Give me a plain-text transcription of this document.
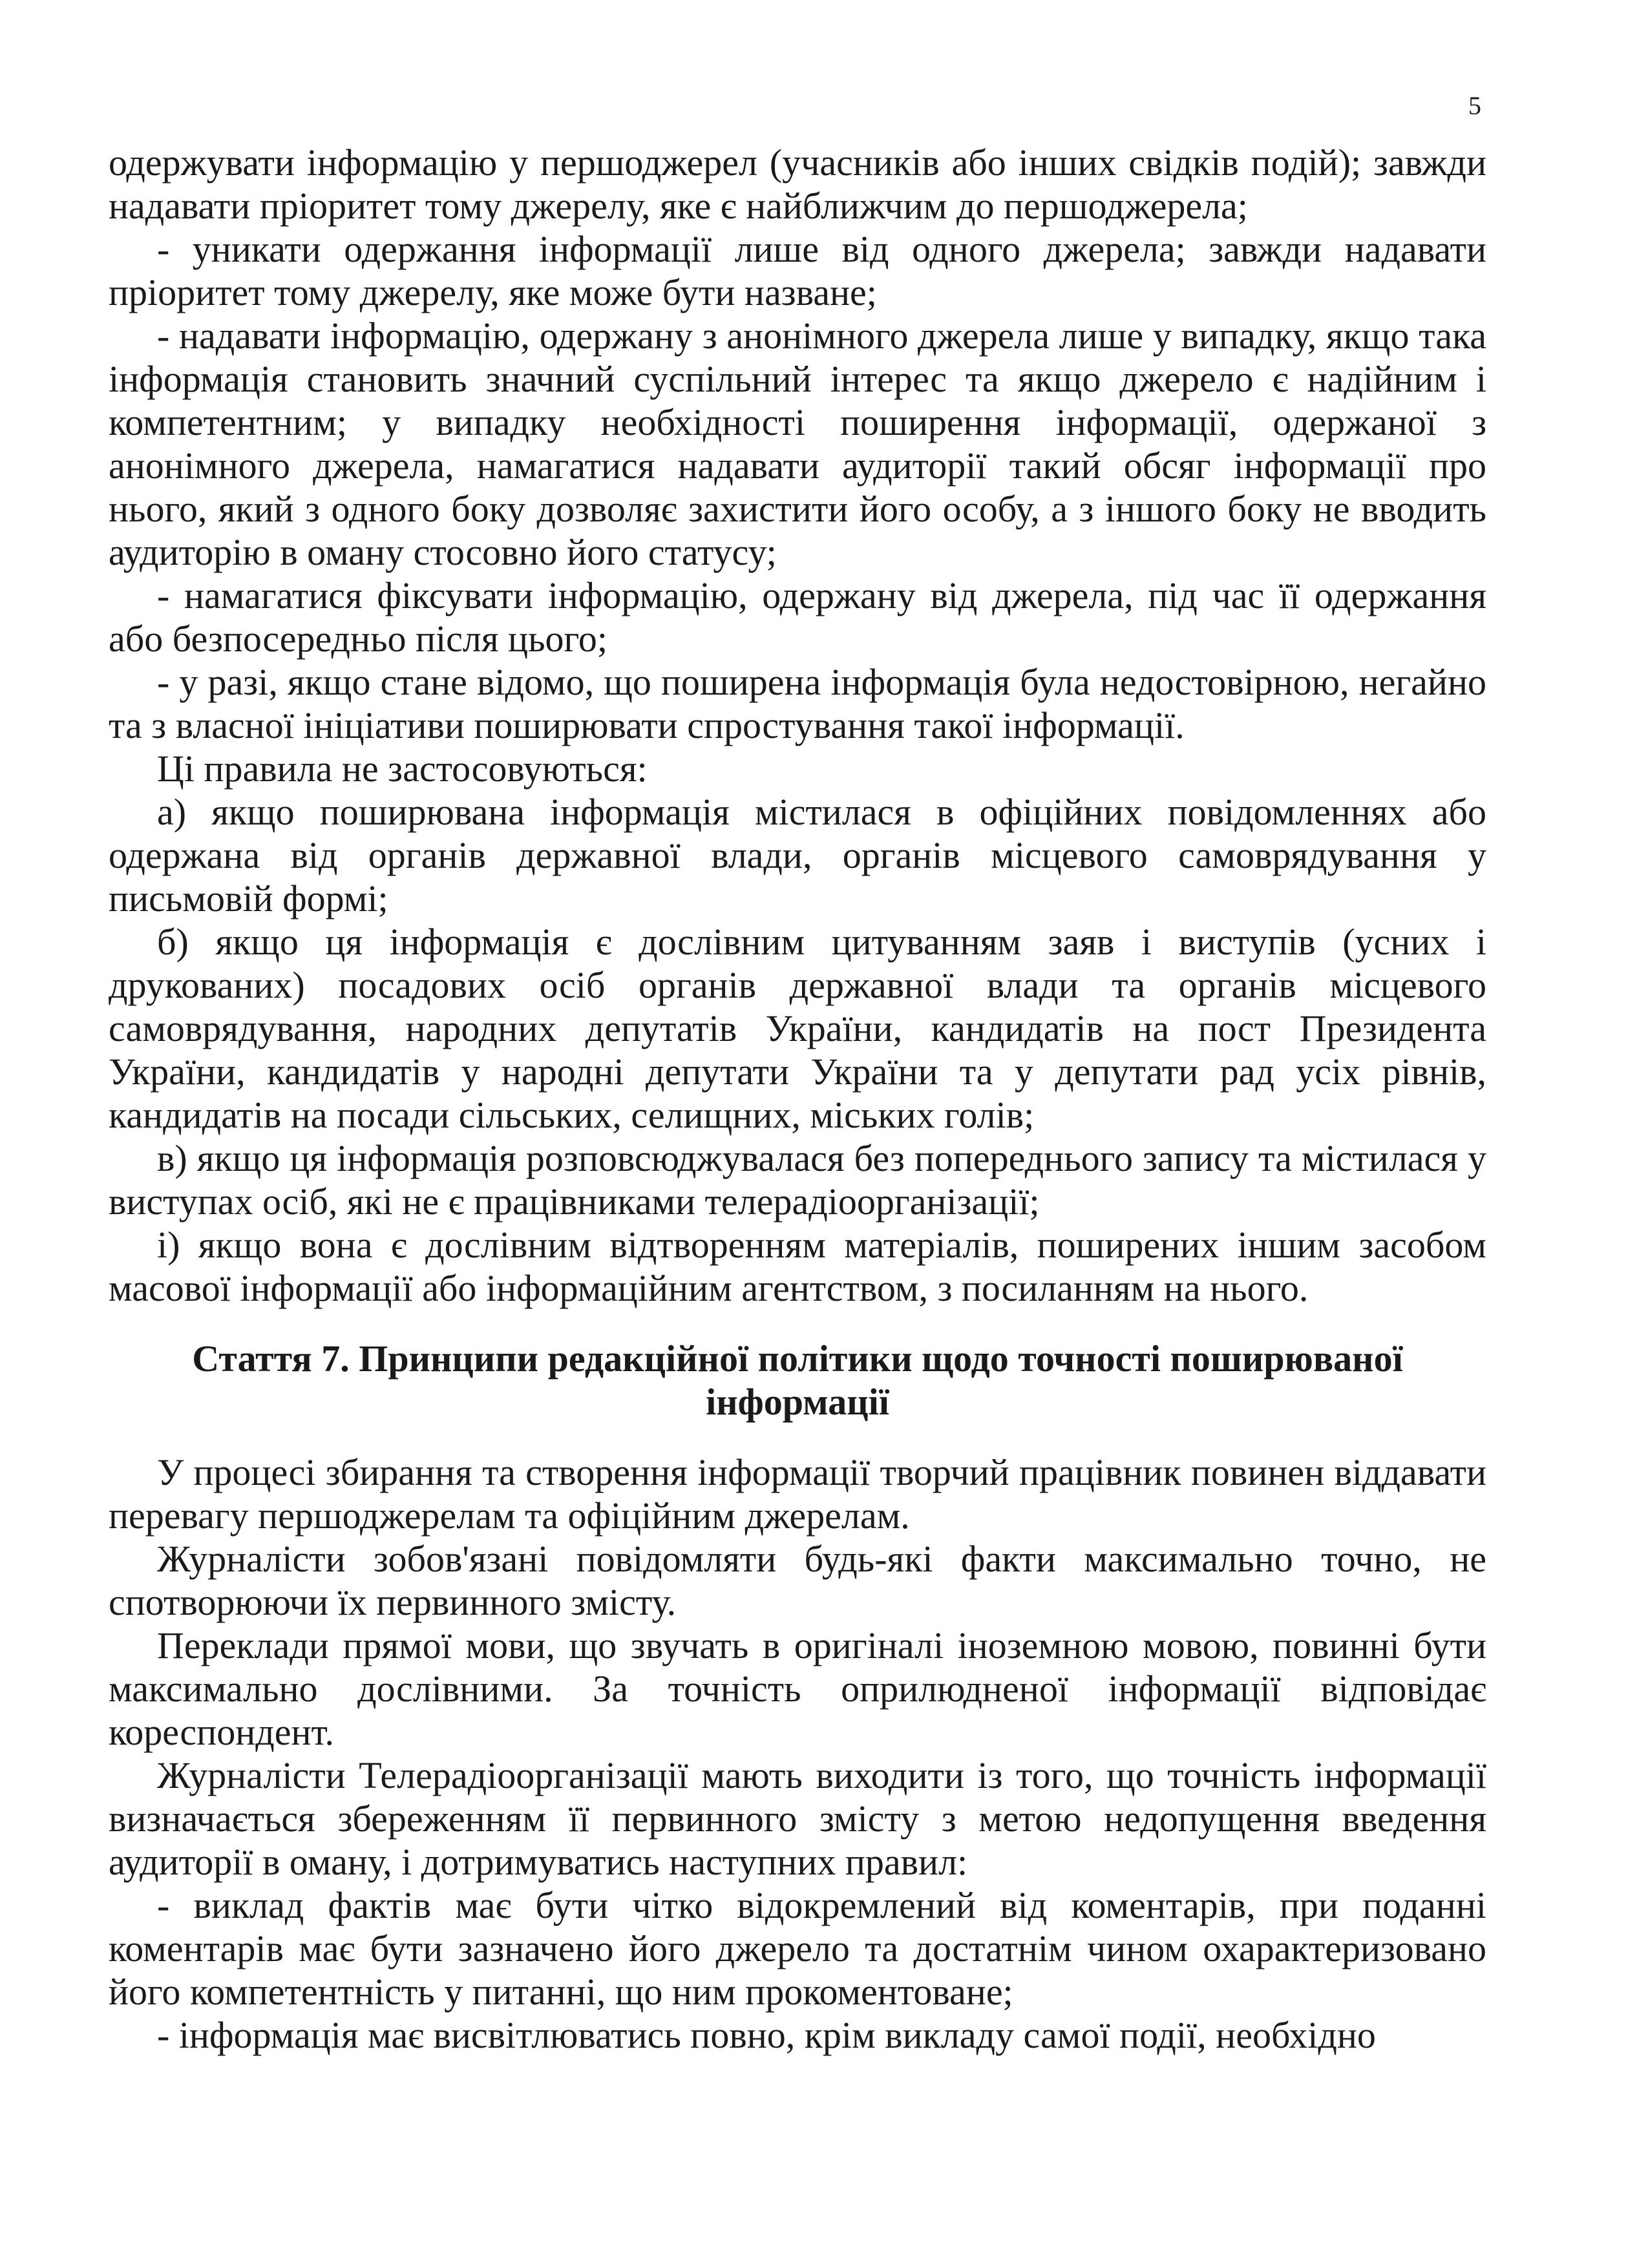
5

одержувати інформацію у першоджерел (учасників або інших свідків подій); завжди надавати пріоритет тому джерелу, яке є найближчим до першоджерела;

- уникати одержання інформації лише від одного джерела; завжди надавати пріоритет тому джерелу, яке може бути назване;

- надавати інформацію, одержану з анонімного джерела лише у випадку, якщо така інформація становить значний суспільний інтерес та якщо джерело є надійним і компетентним; у випадку необхідності поширення інформації, одержаної з анонімного джерела, намагатися надавати аудиторії такий обсяг інформації про нього, який з одного боку дозволяє захистити його особу, а з іншого боку не вводить аудиторію в оману стосовно його статусу;

- намагатися фіксувати інформацію, одержану від джерела, під час її одержання або безпосередньо після цього;

- у разі, якщо стане відомо, що поширена інформація була недостовірною, негайно та з власної ініціативи поширювати спростування такої інформації.

Ці правила не застосовуються:

а) якщо поширювана інформація містилася в офіційних повідомленнях або одержана від органів державної влади, органів місцевого самоврядування у письмовій формі;

б) якщо ця інформація є дослівним цитуванням заяв і виступів (усних і друкованих) посадових осіб органів державної влади та органів місцевого самоврядування, народних депутатів України, кандидатів на пост Президента України, кандидатів у народні депутати України та у депутати рад усіх рівнів, кандидатів на посади сільських, селищних, міських голів;

в) якщо ця інформація розповсюджувалася без попереднього запису та містилася у виступах осіб, які не є працівниками телерадіоорганізації;

і) якщо вона є дослівним відтворенням матеріалів, поширених іншим засобом масової інформації або інформаційним агентством, з посиланням на нього.

Стаття 7. Принципи редакційної політики щодо точності поширюваної інформації

У процесі збирання та створення інформації творчий працівник повинен віддавати перевагу першоджерелам та офіційним джерелам.

Журналісти зобов'язані повідомляти будь-які факти максимально точно, не спотворюючи їх первинного змісту.

Переклади прямої мови, що звучать в оригіналі іноземною мовою, повинні бути максимально дослівними. За точність оприлюдненої інформації відповідає кореспондент.

Журналісти Телерадіоорганізації мають виходити із того, що точність інформації визначається збереженням її первинного змісту з метою недопущення введення аудиторії в оману, і дотримуватись наступних правил:

- виклад фактів має бути чітко відокремлений від коментарів, при поданні коментарів має бути зазначено його джерело та достатнім чином охарактеризовано його компетентність у питанні, що ним прокоментоване;

- інформація має висвітлюватись повно, крім викладу самої події, необхідно
